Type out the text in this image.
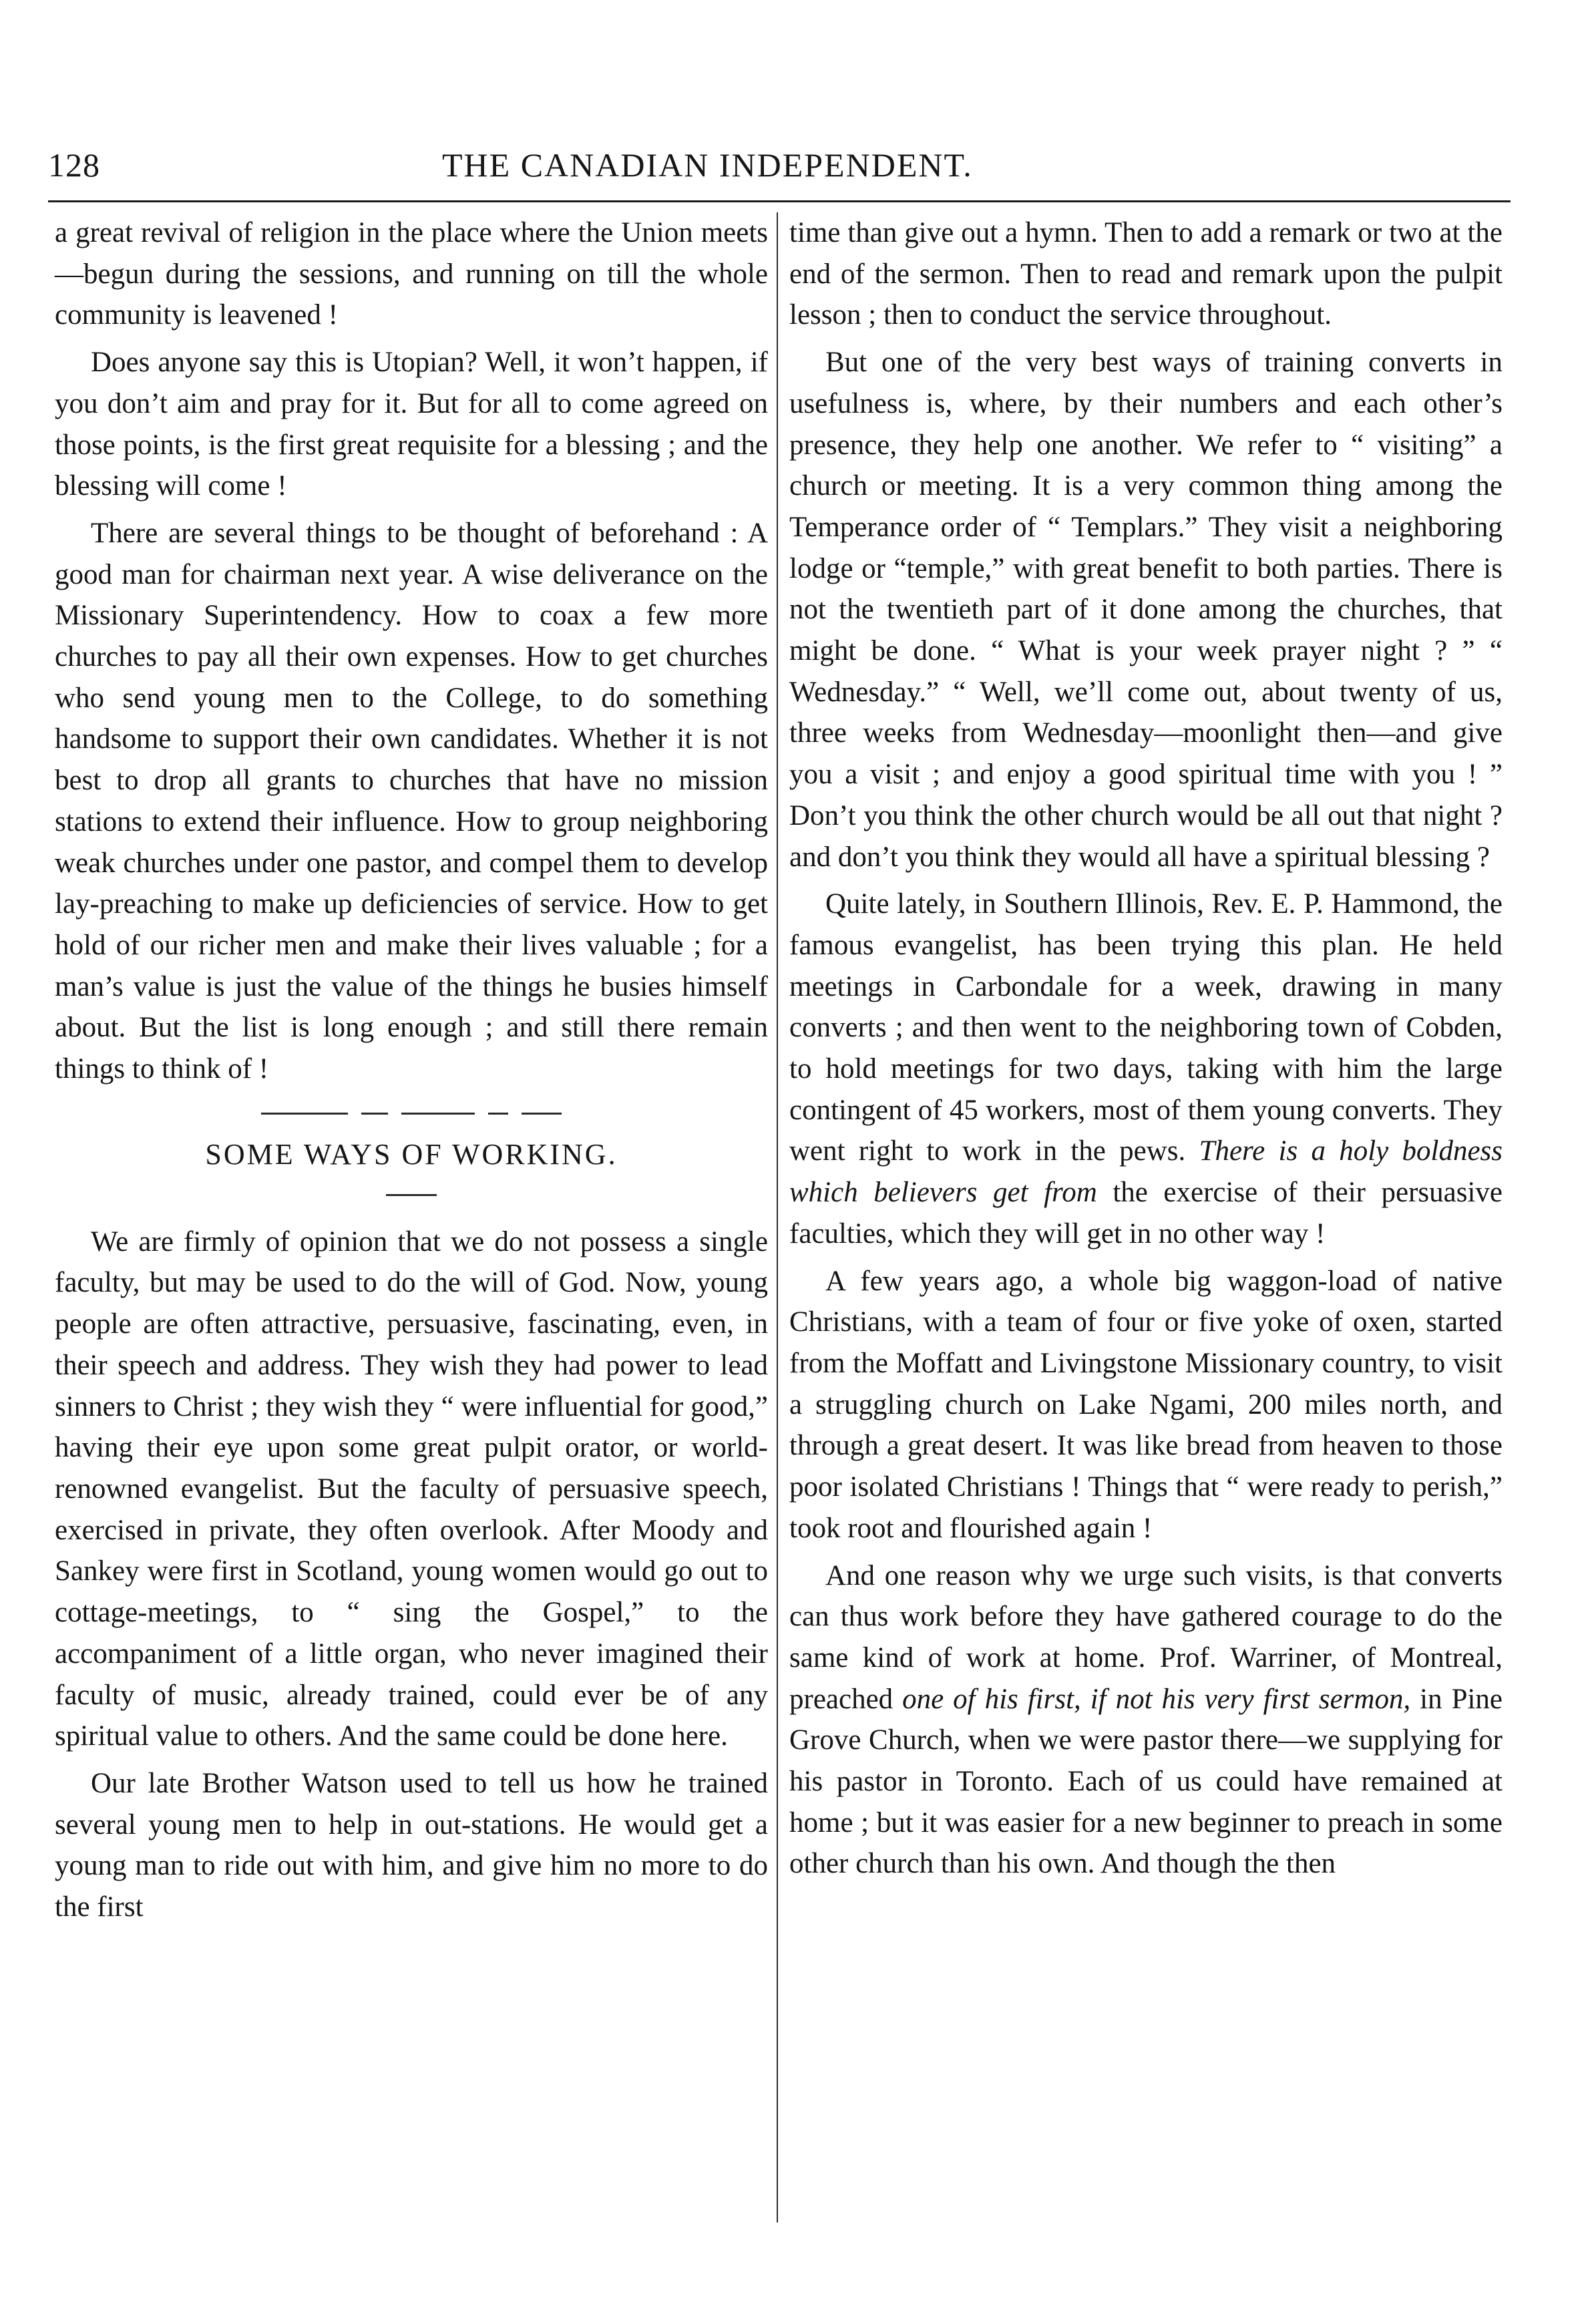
128	THE CANADIAN INDEPENDENT.

a great revival of religion in the place where the Union meets—begun during the sessions, and running on till the whole community is leavened !

Does anyone say this is Utopian? Well, it won’t happen, if you don’t aim and pray for it. But for all to come agreed on those points, is the first great requisite for a blessing ; and the blessing will come !

There are several things to be thought of beforehand : A good man for chairman next year. A wise deliverance on the Missionary Superintendency. How to coax a few more churches to pay all their own expenses. How to get churches who send young men to the College, to do something handsome to support their own candidates. Whether it is not best to drop all grants to churches that have no mission stations to extend their influence. How to group neighboring weak churches under one pastor, and compel them to develop lay-preaching to make up deficiencies of service. How to get hold of our richer men and make their lives valuable ; for a man’s value is just the value of the things he busies himself about. But the list is long enough ; and still there remain things to think of !

SOME WAYS OF WORKING.

We are firmly of opinion that we do not possess a single faculty, but may be used to do the will of God. Now, young people are often attractive, persuasive, fascinating, even, in their speech and address. They wish they had power to lead sinners to Christ ; they wish they “ were influential for good,” having their eye upon some great pulpit orator, or world-renowned evangelist. But the faculty of persuasive speech, exercised in private, they often overlook. After Moody and Sankey were first in Scotland, young women would go out to cottage-meetings, to “ sing the Gospel,” to the accompaniment of a little organ, who never imagined their faculty of music, already trained, could ever be of any spiritual value to others. And the same could be done here.

Our late Brother Watson used to tell us how he trained several young men to help in out-stations. He would get a young man to ride out with him, and give him no more to do the first

time than give out a hymn. Then to add a remark or two at the end of the sermon. Then to read and remark upon the pulpit lesson ; then to conduct the service throughout.

But one of the very best ways of training converts in usefulness is, where, by their numbers and each other’s presence, they help one another. We refer to “ visiting” a church or meeting. It is a very common thing among the Temperance order of “ Templars.” They visit a neighboring lodge or “temple,” with great benefit to both parties. There is not the twentieth part of it done among the churches, that might be done. “ What is your week prayer night ? ” “ Wednesday.” “ Well, we’ll come out, about twenty of us, three weeks from Wednesday—moonlight then—and give you a visit ; and enjoy a good spiritual time with you ! ” Don’t you think the other church would be all out that night ? and don’t you think they would all have a spiritual blessing ?

Quite lately, in Southern Illinois, Rev. E. P. Hammond, the famous evangelist, has been trying this plan. He held meetings in Carbondale for a week, drawing in many converts ; and then went to the neighboring town of Cobden, to hold meetings for two days, taking with him the large contingent of 45 workers, most of them young converts. They went right to work in the pews. There is a holy boldness which believers get from the exercise of their persuasive faculties, which they will get in no other way !

A few years ago, a whole big waggon-load of native Christians, with a team of four or five yoke of oxen, started from the Moffatt and Livingstone Missionary country, to visit a struggling church on Lake Ngami, 200 miles north, and through a great desert. It was like bread from heaven to those poor isolated Christians ! Things that “ were ready to perish,” took root and flourished again !

And one reason why we urge such visits, is that converts can thus work before they have gathered courage to do the same kind of work at home. Prof. Warriner, of Montreal, preached one of his first, if not his very first sermon, in Pine Grove Church, when we were pastor there—we supplying for his pastor in Toronto. Each of us could have remained at home ; but it was easier for a new beginner to preach in some other church than his own. And though the then
